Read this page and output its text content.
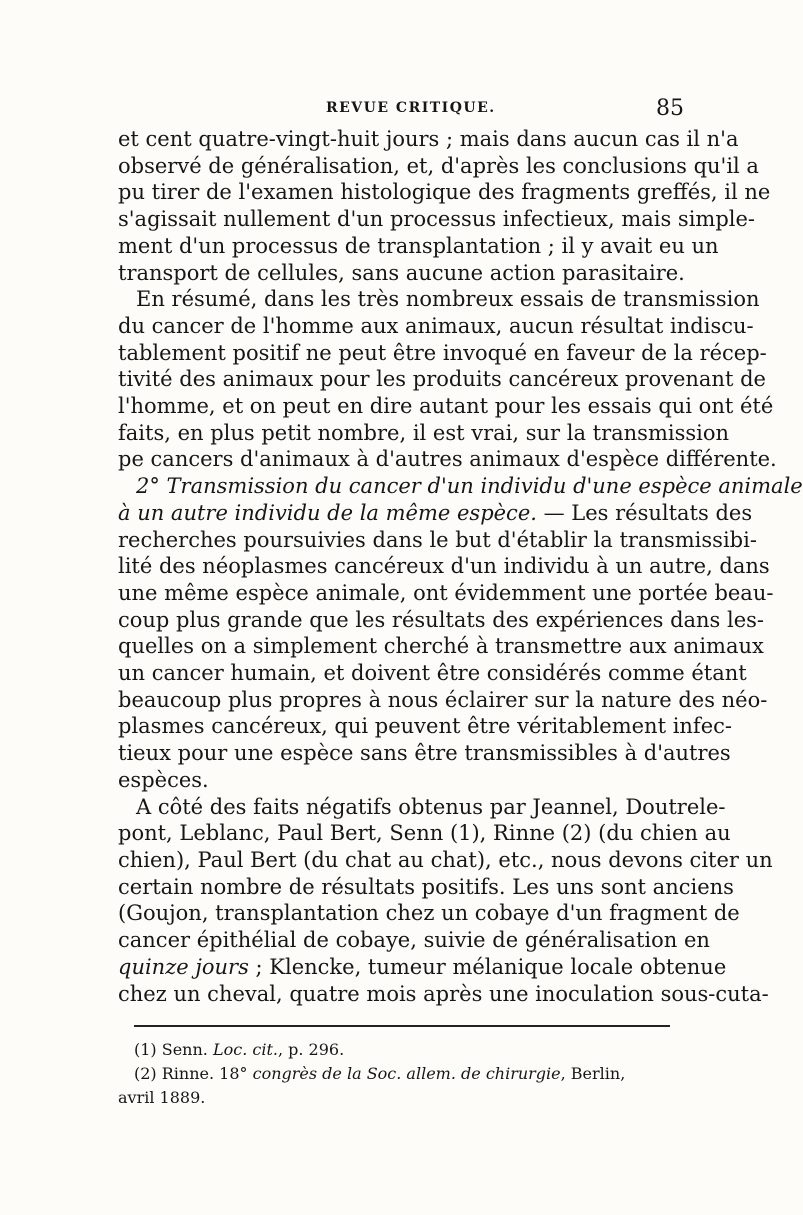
REVUE CRITIQUE.	85
et cent quatre-vingt-huit jours ; mais dans aucun cas il n'a
observé de généralisation, et, d'après les conclusions qu'il a
pu tirer de l'examen histologique des fragments greffés, il ne
s'agissait nullement d'un processus infectieux, mais simple-
ment d'un processus de transplantation ; il y avait eu un
transport de cellules, sans aucune action parasitaire.
En résumé, dans les très nombreux essais de transmission
du cancer de l'homme aux animaux, aucun résultat indiscu-
tablement positif ne peut être invoqué en faveur de la récep-
tivité des animaux pour les produits cancéreux provenant de
l'homme, et on peut en dire autant pour les essais qui ont été
faits, en plus petit nombre, il est vrai, sur la transmission
pe cancers d'animaux à d'autres animaux d'espèce différente.
2° Transmission du cancer d'un individu d'une espèce animale
à un autre individu de la même espèce. — Les résultats des
recherches poursuivies dans le but d'établir la transmissibi-
lité des néoplasmes cancéreux d'un individu à un autre, dans
une même espèce animale, ont évidemment une portée beau-
coup plus grande que les résultats des expériences dans les-
quelles on a simplement cherché à transmettre aux animaux
un cancer humain, et doivent être considérés comme étant
beaucoup plus propres à nous éclairer sur la nature des néo-
plasmes cancéreux, qui peuvent être véritablement infec-
tieux pour une espèce sans être transmissibles à d'autres
espèces.
A côté des faits négatifs obtenus par Jeannel, Doutrele-
pont, Leblanc, Paul Bert, Senn (1), Rinne (2) (du chien au
chien), Paul Bert (du chat au chat), etc., nous devons citer un
certain nombre de résultats positifs. Les uns sont anciens
(Goujon, transplantation chez un cobaye d'un fragment de
cancer épithélial de cobaye, suivie de généralisation en
quinze jours ; Klencke, tumeur mélanique locale obtenue
chez un cheval, quatre mois après une inoculation sous-cuta-
(1) Senn. Loc. cit., p. 296.
(2) Rinne. 18° congrès de la Soc. allem. de chirurgie, Berlin,
avril 1889.
